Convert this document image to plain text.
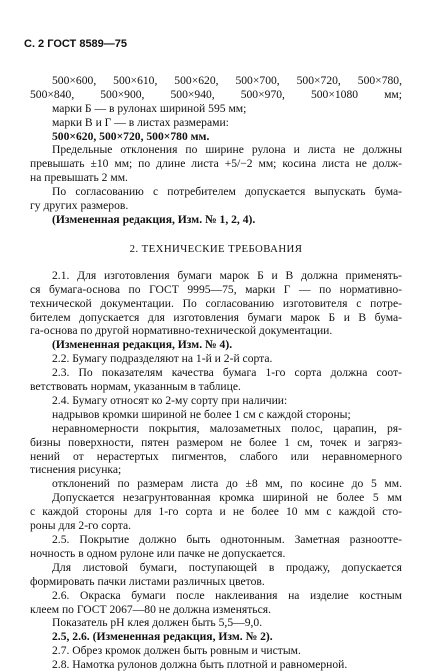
С. 2 ГОСТ 8589—75
500×600, 500×610, 500×620, 500×700, 500×720, 500×780,
500×840, 500×900, 500×940, 500×970, 500×1080 мм;
марки Б — в рулонах шириной 595 мм;
марки В и Г — в листах размерами:
500×620, 500×720, 500×780 мм.
Предельные отклонения по ширине рулона и листа не должны
превышать ±10 мм; по длине листа +5/−2 мм; косина листа не долж-
на превышать 2 мм.
По согласованию с потребителем допускается выпускать бума-
гу других размеров.
(Измененная редакция, Изм. № 1, 2, 4).
2. ТЕХНИЧЕСКИЕ ТРЕБОВАНИЯ
2.1. Для изготовления бумаги марок Б и В должна применять-
ся бумага-основа по ГОСТ 9995—75, марки Г — по нормативно-
технической документации. По согласованию изготовителя с потре-
бителем допускается для изготовления бумаги марок Б и В бума-
га-основа по другой нормативно-технической документации.
(Измененная редакция, Изм. № 4).
2.2. Бумагу подразделяют на 1-й и 2-й сорта.
2.3. По показателям качества бумага 1-го сорта должна соот-
ветствовать нормам, указанным в таблице.
2.4. Бумагу относят ко 2-му сорту при наличии:
надрывов кромки шириной не более 1 см с каждой стороны;
неравномерности покрытия, малозаметных полос, царапин, ря-
бизны поверхности, пятен размером не более 1 см, точек и загряз-
нений от нерастертых пигментов, слабого или неравномерного
тиснения рисунка;
отклонений по размерам листа до ±8 мм, по косине до 5 мм.
Допускается незагрунтованная кромка шириной не более 5 мм
с каждой стороны для 1-го сорта и не более 10 мм с каждой сто-
роны для 2-го сорта.
2.5. Покрытие должно быть однотонным. Заметная разноотте-
ночность в одном рулоне или пачке не допускается.
Для листовой бумаги, поступающей в продажу, допускается
формировать пачки листами различных цветов.
2.6. Окраска бумаги после наклеивания на изделие костным
клеем по ГОСТ 2067—80 не должна изменяться.
Показатель pH клея должен быть 5,5—9,0.
2.5, 2.6. (Измененная редакция, Изм. № 2).
2.7. Обрез кромок должен быть ровным и чистым.
2.8. Намотка рулонов должна быть плотной и равномерной.
